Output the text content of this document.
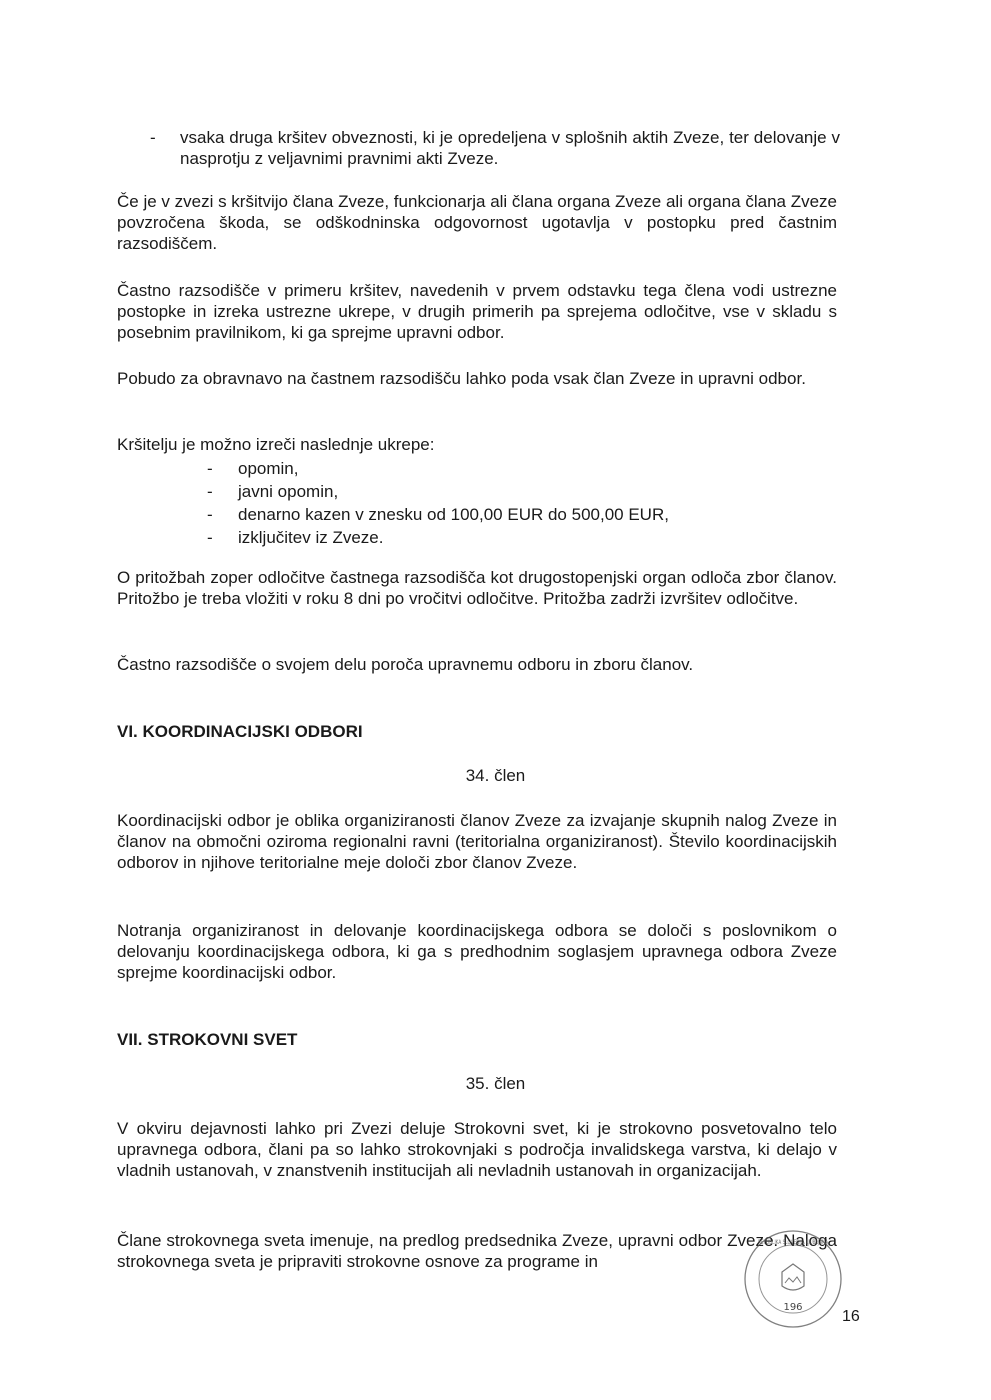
- vsaka druga kršitev obveznosti, ki je opredeljena v splošnih aktih Zveze, ter delovanje v nasprotju z veljavnimi pravnimi akti Zveze.

Če je v zvezi s kršitvijo člana Zveze, funkcionarja ali člana organa Zveze ali organa člana Zveze povzročena škoda, se odškodninska odgovornost ugotavlja v postopku pred častnim razsodiščem.

Častno razsodišče v primeru kršitev, navedenih v prvem odstavku tega člena vodi ustrezne postopke in izreka ustrezne ukrepe, v drugih primerih pa sprejema odločitve, vse v skladu s posebnim pravilnikom, ki ga sprejme upravni odbor.

Pobudo za obravnavo na častnem razsodišču lahko poda vsak član Zveze in upravni odbor.

Kršitelju je možno izreči naslednje ukrepe:

- opomin,
- javni opomin,
- denarno kazen v znesku od 100,00 EUR do 500,00 EUR,
- izključitev iz Zveze.

O pritožbah zoper odločitve častnega razsodišča kot drugostopenjski organ odloča zbor članov. Pritožbo je treba vložiti v roku 8 dni po vročitvi odločitve. Pritožba zadrži izvršitev odločitve.

Častno razsodišče o svojem delu poroča upravnemu odboru in zboru članov.

VI. KOORDINACIJSKI ODBORI

34. člen

Koordinacijski odbor je oblika organiziranosti članov Zveze za izvajanje skupnih nalog Zveze in članov na območni oziroma regionalni ravni (teritorialna organiziranost). Število koordinacijskih odborov in njihove teritorialne meje določi zbor članov Zveze.

Notranja organiziranost in delovanje koordinacijskega odbora se določi s poslovnikom o delovanju koordinacijskega odbora, ki ga s predhodnim soglasjem upravnega odbora Zveze sprejme koordinacijski odbor.

VII. STROKOVNI SVET

35. člen

V okviru dejavnosti lahko pri Zvezi deluje Strokovni svet, ki je strokovno posvetovalno telo upravnega odbora, člani pa so lahko strokovnjaki s področja invalidskega varstva, ki delajo v vladnih ustanovah, v znanstvenih institucijah ali nevladnih ustanovah in organizacijah.

Člane strokovnega sveta imenuje, na predlog predsednika Zveze, upravni odbor Zveze. Naloga strokovnega sveta je pripraviti strokovne osnove za programe in

196
REPUBLIKA SLOVENIJA LJUBLJANA
16
